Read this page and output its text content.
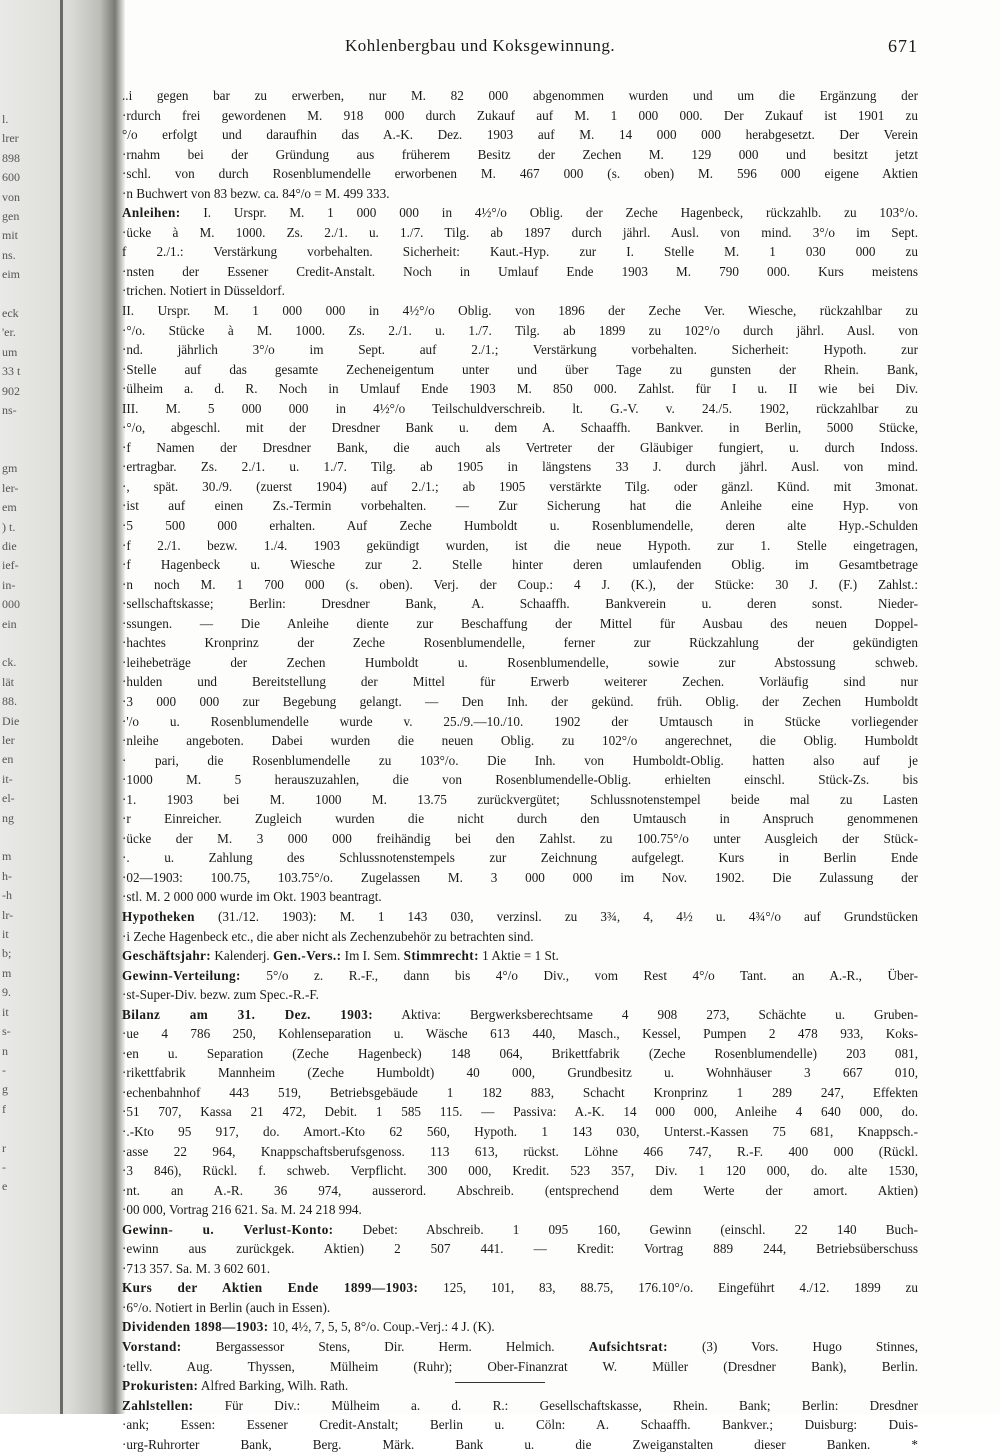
l.
lrer
898
600
von
gen
mit
ns.
eim

eck
'er.
um
33 t
902
ns-

gm
ler-
em
) t.
die
ief-
in-
000
ein

ck.
lät
88.
Die
ler
en
it-
el-
ng

m
h-
-h
lr-
it
b;
m
9.
it
s-
n
-
g
f

r
-
e
Kohlenbergbau und Koksgewinnung.	671
..i gegen bar zu erwerben, nur M. 82 000 abgenommen wurden und um die Ergänzung der
·rdurch frei gewordenen M. 918 000 durch Zukauf auf M. 1 000 000. Der Zukauf ist 1901 zu
°/o erfolgt und daraufhin das A.-K. Dez. 1903 auf M. 14 000 000 herabgesetzt. Der Verein
·rnahm bei der Gründung aus früherem Besitz der Zechen M. 129 000 und besitzt jetzt
·schl. von durch Rosenblumendelle erworbenen M. 467 000 (s. oben) M. 596 000 eigene Aktien
·n Buchwert von 83 bezw. ca. 84°/o = M. 499 333.
Anleihen: I. Urspr. M. 1 000 000 in 4½°/o Oblig. der Zeche Hagenbeck, rückzahlb. zu 103°/o.
·ücke à M. 1000. Zs. 2./1. u. 1./7. Tilg. ab 1897 durch jährl. Ausl. von mind. 3°/o im Sept.
f 2./1.: Verstärkung vorbehalten. Sicherheit: Kaut.-Hyp. zur I. Stelle M. 1 030 000 zu
·nsten der Essener Credit-Anstalt. Noch in Umlauf Ende 1903 M. 790 000. Kurs meistens
·trichen. Notiert in Düsseldorf.
II. Urspr. M. 1 000 000 in 4½°/o Oblig. von 1896 der Zeche Ver. Wiesche, rückzahlbar zu
·°/o. Stücke à M. 1000. Zs. 2./1. u. 1./7. Tilg. ab 1899 zu 102°/o durch jährl. Ausl. von
·nd. jährlich 3°/o im Sept. auf 2./1.; Verstärkung vorbehalten. Sicherheit: Hypoth. zur
·Stelle auf das gesamte Zecheneigentum unter und über Tage zu gunsten der Rhein. Bank,
·ülheim a. d. R. Noch in Umlauf Ende 1903 M. 850 000. Zahlst. für I u. II wie bei Div.
III. M. 5 000 000 in 4½°/o Teilschuldverschreib. lt. G.-V. v. 24./5. 1902, rückzahlbar zu
·°/o, abgeschl. mit der Dresdner Bank u. dem A. Schaaffh. Bankver. in Berlin, 5000 Stücke,
·f Namen der Dresdner Bank, die auch als Vertreter der Gläubiger fungiert, u. durch Indoss.
·ertragbar. Zs. 2./1. u. 1./7. Tilg. ab 1905 in längstens 33 J. durch jährl. Ausl. von mind.
·, spät. 30./9. (zuerst 1904) auf 2./1.; ab 1905 verstärkte Tilg. oder gänzl. Künd. mit 3monat.
·ist auf einen Zs.-Termin vorbehalten. — Zur Sicherung hat die Anleihe eine Hyp. von
·5 500 000 erhalten. Auf Zeche Humboldt u. Rosenblumendelle, deren alte Hyp.-Schulden
·f 2./1. bezw. 1./4. 1903 gekündigt wurden, ist die neue Hypoth. zur 1. Stelle eingetragen,
·f Hagenbeck u. Wiesche zur 2. Stelle hinter deren umlaufenden Oblig. im Gesamtbetrage
·n noch M. 1 700 000 (s. oben). Verj. der Coup.: 4 J. (K.), der Stücke: 30 J. (F.) Zahlst.:
·sellschaftskasse; Berlin: Dresdner Bank, A. Schaaffh. Bankverein u. deren sonst. Nieder-
·ssungen. — Die Anleihe diente zur Beschaffung der Mittel für Ausbau des neuen Doppel-
·hachtes Kronprinz der Zeche Rosenblumendelle, ferner zur Rückzahlung der gekündigten
·leihebeträge der Zechen Humboldt u. Rosenblumendelle, sowie zur Abstossung schweb.
·hulden und Bereitstellung der Mittel für Erwerb weiterer Zechen. Vorläufig sind nur
·3 000 000 zur Begebung gelangt. — Den Inh. der gekünd. früh. Oblig. der Zechen Humboldt
·'/o u. Rosenblumendelle wurde v. 25./9.—10./10. 1902 der Umtausch in Stücke vorliegender
·nleihe angeboten. Dabei wurden die neuen Oblig. zu 102°/o angerechnet, die Oblig. Humboldt
· pari, die Rosenblumendelle zu 103°/o. Die Inh. von Humboldt-Oblig. hatten also auf je
·1000 M. 5 herauszuzahlen, die von Rosenblumendelle-Oblig. erhielten einschl. Stück-Zs. bis
·1. 1903 bei M. 1000 M. 13.75 zurückvergütet; Schlussnotenstempel beide mal zu Lasten
·r Einreicher. Zugleich wurden die nicht durch den Umtausch in Anspruch genommenen
·ücke der M. 3 000 000 freihändig bei den Zahlst. zu 100.75°/o unter Ausgleich der Stück-
·. u. Zahlung des Schlussnotenstempels zur Zeichnung aufgelegt. Kurs in Berlin Ende
·02—1903: 100.75, 103.75°/o. Zugelassen M. 3 000 000 im Nov. 1902. Die Zulassung der
·stl. M. 2 000 000 wurde im Okt. 1903 beantragt.
Hypotheken (31./12. 1903): M. 1 143 030, verzinsl. zu 3¾, 4, 4½ u. 4¾°/o auf Grundstücken
·i Zeche Hagenbeck etc., die aber nicht als Zechenzubehör zu betrachten sind.
Geschäftsjahr: Kalenderj. Gen.-Vers.: Im I. Sem. Stimmrecht: 1 Aktie = 1 St.
Gewinn-Verteilung: 5°/o z. R.-F., dann bis 4°/o Div., vom Rest 4°/o Tant. an A.-R., Über-
·st-Super-Div. bezw. zum Spec.-R.-F.
Bilanz am 31. Dez. 1903: Aktiva: Bergwerksberechtsame 4 908 273, Schächte u. Gruben-
·ue 4 786 250, Kohlenseparation u. Wäsche 613 440, Masch., Kessel, Pumpen 2 478 933, Koks-
·en u. Separation (Zeche Hagenbeck) 148 064, Brikettfabrik (Zeche Rosenblumendelle) 203 081,
·rikettfabrik Mannheim (Zeche Humboldt) 40 000, Grundbesitz u. Wohnhäuser 3 667 010,
·echenbahnhof 443 519, Betriebsgebäude 1 182 883, Schacht Kronprinz 1 289 247, Effekten
·51 707, Kassa 21 472, Debit. 1 585 115. — Passiva: A.-K. 14 000 000, Anleihe 4 640 000, do.
·.-Kto 95 917, do. Amort.-Kto 62 560, Hypoth. 1 143 030, Unterst.-Kassen 75 681, Knappsch.-
·asse 22 964, Knappschaftsberufsgenoss. 113 613, rückst. Löhne 466 747, R.-F. 400 000 (Rückl.
·3 846), Rückl. f. schweb. Verpflicht. 300 000, Kredit. 523 357, Div. 1 120 000, do. alte 1530,
·nt. an A.-R. 36 974, ausserord. Abschreib. (entsprechend dem Werte der amort. Aktien)
·00 000, Vortrag 216 621. Sa. M. 24 218 994.
Gewinn- u. Verlust-Konto: Debet: Abschreib. 1 095 160, Gewinn (einschl. 22 140 Buch-
·ewinn aus zurückgek. Aktien) 2 507 441. — Kredit: Vortrag 889 244, Betriebsüberschuss
·713 357. Sa. M. 3 602 601.
Kurs der Aktien Ende 1899—1903: 125, 101, 83, 88.75, 176.10°/o. Eingeführt 4./12. 1899 zu
·6°/o. Notiert in Berlin (auch in Essen).
Dividenden 1898—1903: 10, 4½, 7, 5, 5, 8°/o. Coup.-Verj.: 4 J. (K).
Vorstand: Bergassessor Stens, Dir. Herm. Helmich. Aufsichtsrat: (3) Vors. Hugo Stinnes,
·tellv. Aug. Thyssen, Mülheim (Ruhr); Ober-Finanzrat W. Müller (Dresdner Bank), Berlin.
Prokuristen: Alfred Barking, Wilh. Rath.
Zahlstellen: Für Div.: Mülheim a. d. R.: Gesellschaftskasse, Rhein. Bank; Berlin: Dresdner
·ank; Essen: Essener Credit-Anstalt; Berlin u. Cöln: A. Schaaffh. Bankver.; Duisburg: Duis-
·urg-Ruhrorter Bank, Berg. Märk. Bank u. die Zweiganstalten dieser Banken. *
